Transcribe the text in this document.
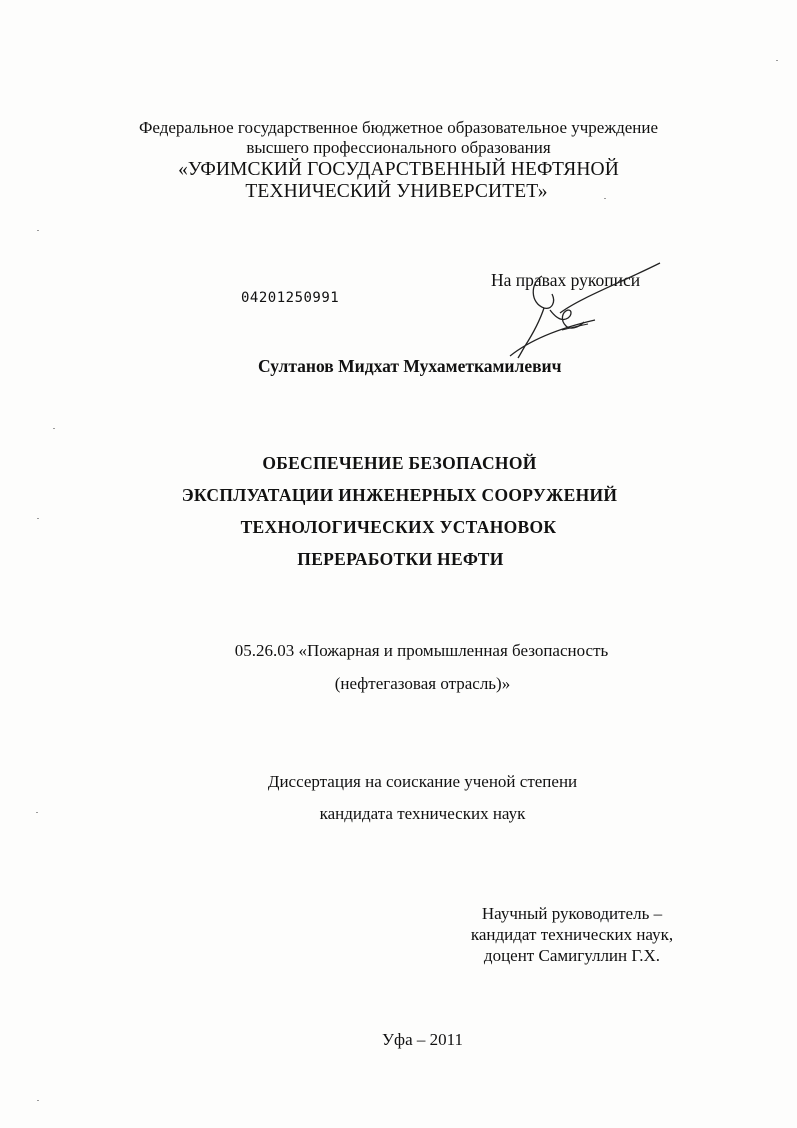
Федеральное государственное бюджетное образовательное учреждение
высшего профессионального образования
«УФИМСКИЙ ГОСУДАРСТВЕННЫЙ НЕФТЯНОЙ
ТЕХНИЧЕСКИЙ УНИВЕРСИТЕТ»
04201250991
На правах рукописи
Султанов Мидхат Мухаметкамилевич
ОБЕСПЕЧЕНИЕ БЕЗОПАСНОЙ
ЭКСПЛУАТАЦИИ ИНЖЕНЕРНЫХ СООРУЖЕНИЙ
ТЕХНОЛОГИЧЕСКИХ УСТАНОВОК
ПЕРЕРАБОТКИ НЕФТИ
05.26.03 «Пожарная и промышленная безопасность
(нефтегазовая отрасль)»
Диссертация на соискание ученой степени
кандидата технических наук
Научный руководитель –
кандидат технических наук,
доцент Самигуллин Г.Х.
Уфа – 2011
